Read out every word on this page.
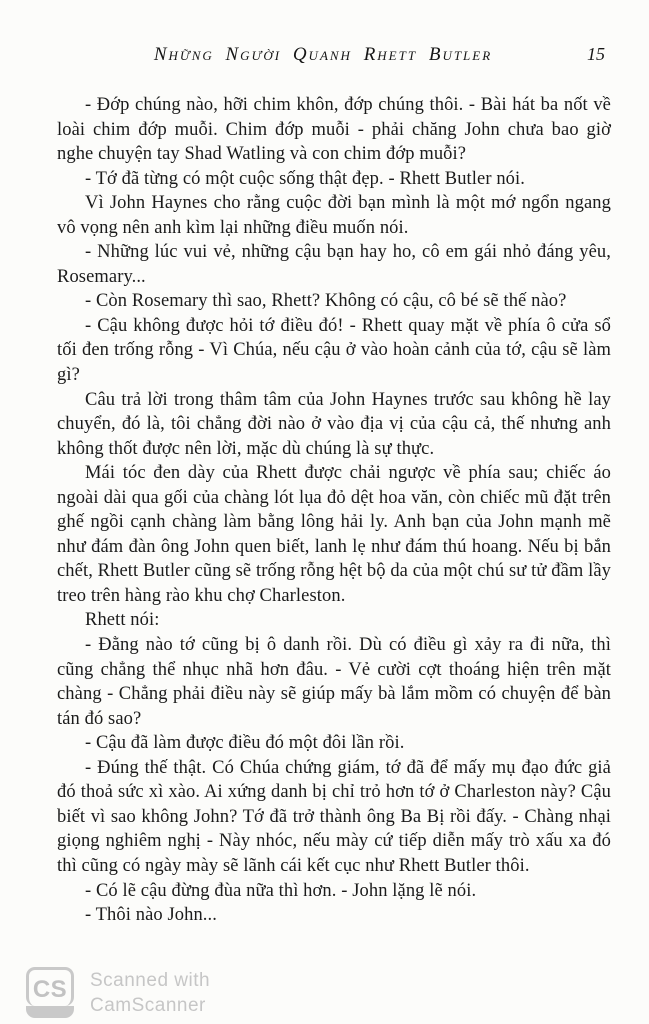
Những Người Quanh Rhett Butler	15

- Đớp chúng nào, hỡi chim khôn, đớp chúng thôi. - Bài hát ba nốt về loài chim đớp muỗi. Chim đớp muỗi - phải chăng John chưa bao giờ nghe chuyện tay Shad Watling và con chim đớp muỗi?

- Tớ đã từng có một cuộc sống thật đẹp. - Rhett Butler nói.

Vì John Haynes cho rằng cuộc đời bạn mình là một mớ ngổn ngang vô vọng nên anh kìm lại những điều muốn nói.

- Những lúc vui vẻ, những cậu bạn hay ho, cô em gái nhỏ đáng yêu, Rosemary...

- Còn Rosemary thì sao, Rhett? Không có cậu, cô bé sẽ thế nào?

- Cậu không được hỏi tớ điều đó! - Rhett quay mặt về phía ô cửa sổ tối đen trống rỗng - Vì Chúa, nếu cậu ở vào hoàn cảnh của tớ, cậu sẽ làm gì?

Câu trả lời trong thâm tâm của John Haynes trước sau không hề lay chuyển, đó là, tôi chẳng đời nào ở vào địa vị của cậu cả, thế nhưng anh không thốt được nên lời, mặc dù chúng là sự thực.

Mái tóc đen dày của Rhett được chải ngược về phía sau; chiếc áo ngoài dài qua gối của chàng lót lụa đỏ dệt hoa văn, còn chiếc mũ đặt trên ghế ngồi cạnh chàng làm bằng lông hải ly. Anh bạn của John mạnh mẽ như đám đàn ông John quen biết, lanh lẹ như đám thú hoang. Nếu bị bắn chết, Rhett Butler cũng sẽ trống rỗng hệt bộ da của một chú sư tử đầm lầy treo trên hàng rào khu chợ Charleston.

Rhett nói:

- Đằng nào tớ cũng bị ô danh rồi. Dù có điều gì xảy ra đi nữa, thì cũng chẳng thể nhục nhã hơn đâu. - Vẻ cười cợt thoáng hiện trên mặt chàng - Chẳng phải điều này sẽ giúp mấy bà lắm mồm có chuyện để bàn tán đó sao?

- Cậu đã làm được điều đó một đôi lần rồi.

- Đúng thế thật. Có Chúa chứng giám, tớ đã để mấy mụ đạo đức giả đó thoả sức xì xào. Ai xứng danh bị chỉ trỏ hơn tớ ở Charleston này? Cậu biết vì sao không John? Tớ đã trở thành ông Ba Bị rồi đấy. - Chàng nhại giọng nghiêm nghị - Này nhóc, nếu mày cứ tiếp diễn mấy trò xấu xa đó thì cũng có ngày mày sẽ lãnh cái kết cục như Rhett Butler thôi.

- Có lẽ cậu đừng đùa nữa thì hơn. - John lặng lẽ nói.

- Thôi nào John...

CS Scanned with
CamScanner
